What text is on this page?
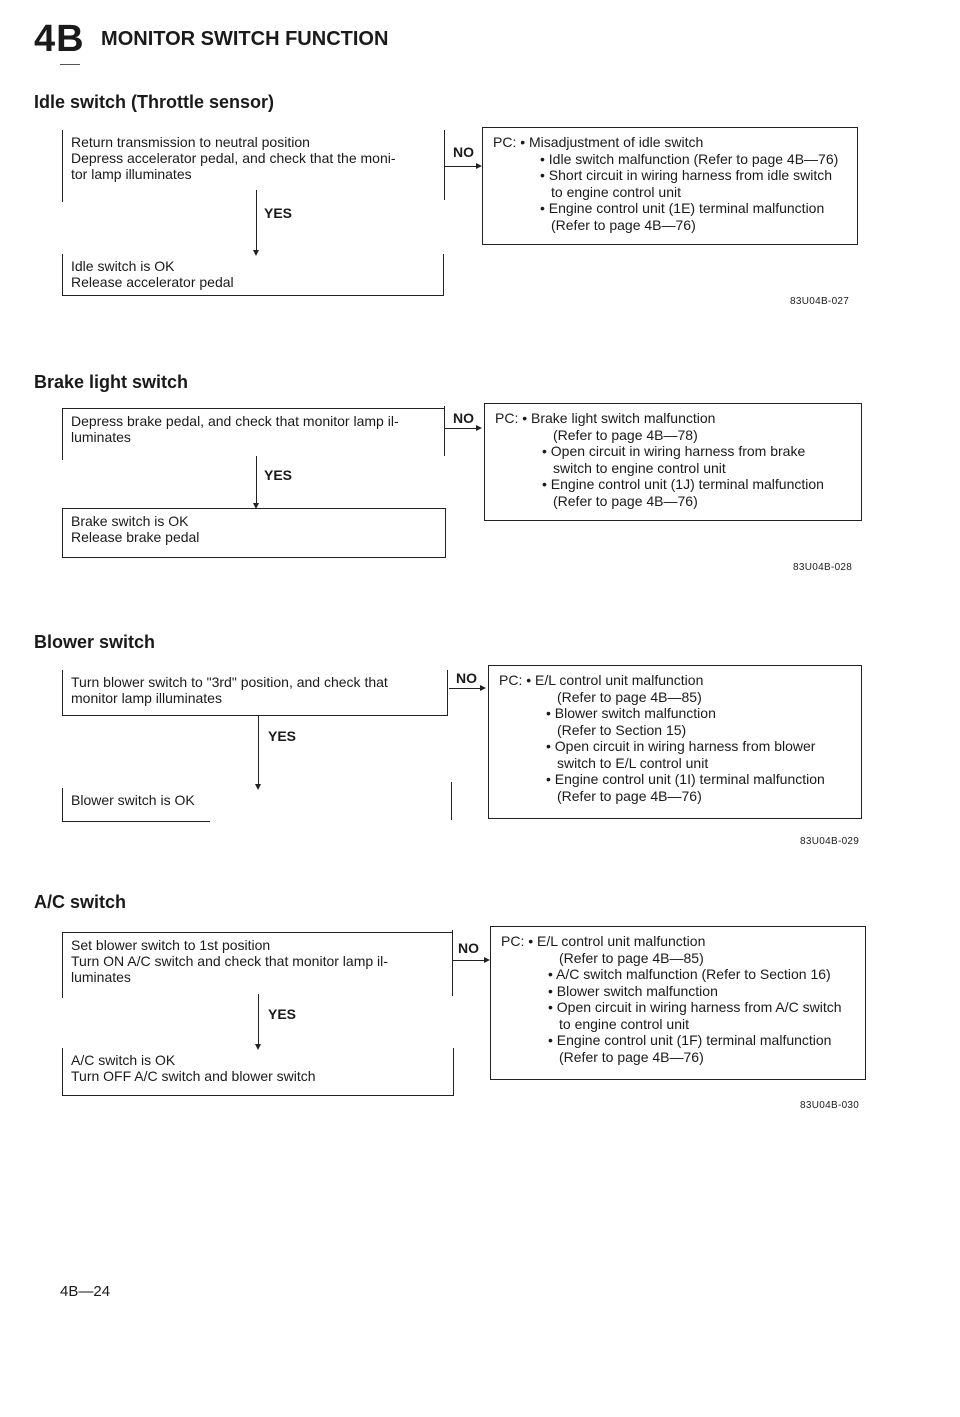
4B MONITOR SWITCH FUNCTION
Idle switch (Throttle sensor)
Return transmission to neutral position
Depress accelerator pedal, and check that the moni-
tor lamp illuminates
NO
YES
Idle switch is OK
Release accelerator pedal
PC: • Misadjustment of idle switch
• Idle switch malfunction (Refer to page 4B—76)
• Short circuit in wiring harness from idle switch
to engine control unit
• Engine control unit (1E) terminal malfunction
(Refer to page 4B—76)
83U04B-027
Brake light switch
Depress brake pedal, and check that monitor lamp il-
luminates
NO
YES
Brake switch is OK
Release brake pedal
PC: • Brake light switch malfunction
(Refer to page 4B—78)
• Open circuit in wiring harness from brake
switch to engine control unit
• Engine control unit (1J) terminal malfunction
(Refer to page 4B—76)
83U04B-028
Blower switch
Turn blower switch to "3rd" position, and check that
monitor lamp illuminates
NO
YES
Blower switch is OK
PC: • E/L control unit malfunction
(Refer to page 4B—85)
• Blower switch malfunction
(Refer to Section 15)
• Open circuit in wiring harness from blower
switch to E/L control unit
• Engine control unit (1I) terminal malfunction
(Refer to page 4B—76)
83U04B-029
A/C switch
Set blower switch to 1st position
Turn ON A/C switch and check that monitor lamp il-
luminates
NO
YES
A/C switch is OK
Turn OFF A/C switch and blower switch
PC: • E/L control unit malfunction
(Refer to page 4B—85)
• A/C switch malfunction (Refer to Section 16)
• Blower switch malfunction
• Open circuit in wiring harness from A/C switch
to engine control unit
• Engine control unit (1F) terminal malfunction
(Refer to page 4B—76)
83U04B-030
4B—24
